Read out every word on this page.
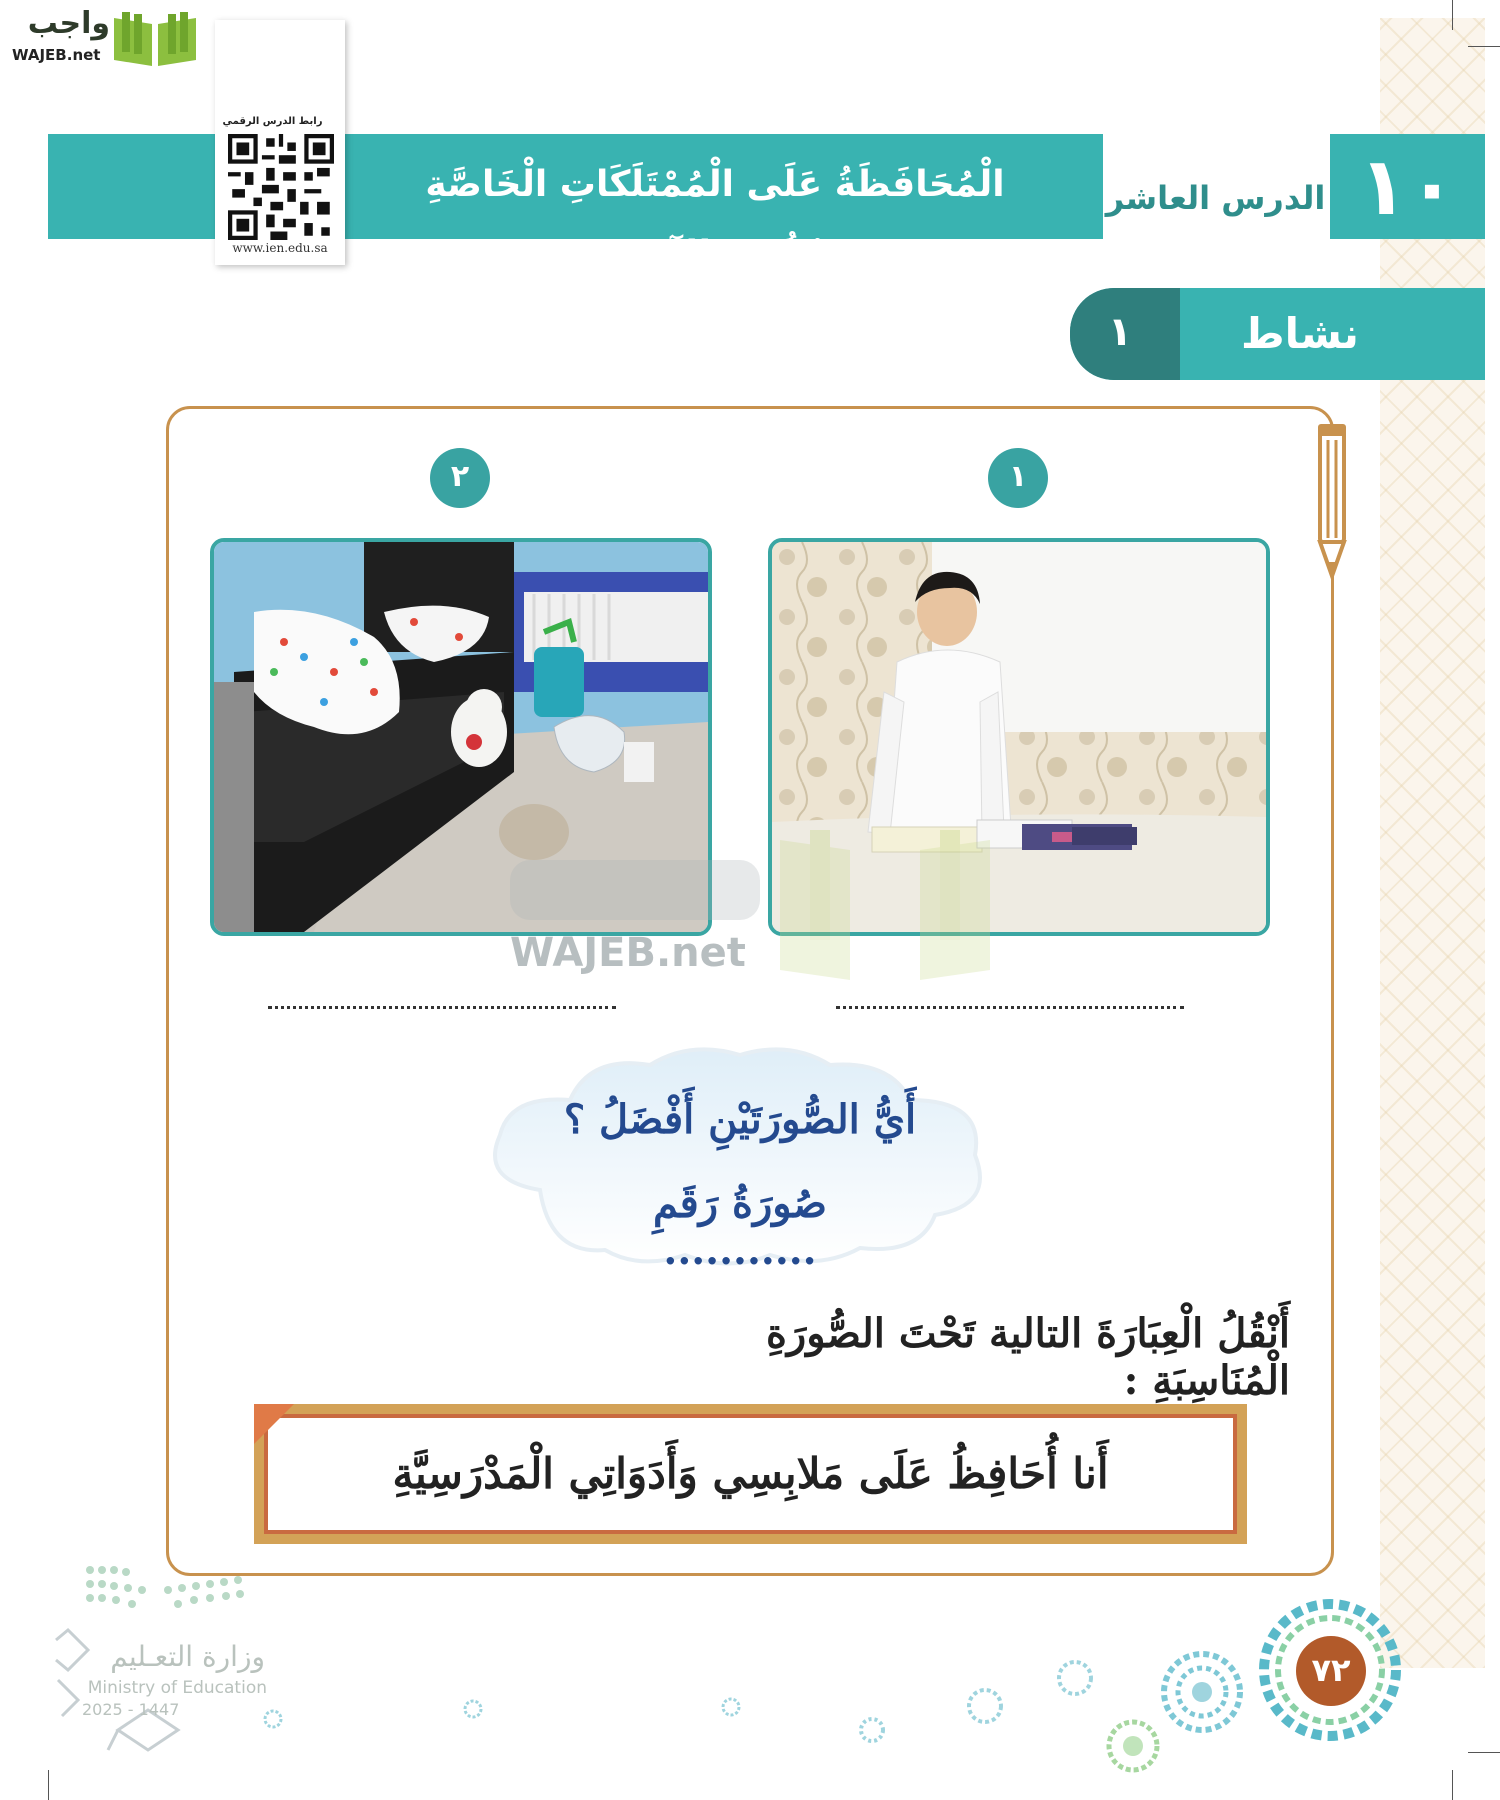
واجب
WAJEB.net
الْمُحَافَظَةُ عَلَى الْمُمْتَلَكَاتِ الْخَاصَّةِ وَحُقُوقِ الآخَرِينَ
الدرس العاشر ١٠
رابط الدرس الرقمي
www.ien.edu.sa
١	نشاط
١
٢
WAJEB.net
أَيُّ الصُّورَتَيْنِ أَفْضَلُ ؟
صُورَةُ رَقَمِ ...........
أَنْقُلُ الْعِبَارَةَ التالية تَحْتَ الصُّورَةِ الْمُنَاسِبَةِ :
أَنا أُحَافِظُ عَلَى مَلابِسِي وَأَدَوَاتِي الْمَدْرَسِيَّةِ
وزارة التعـليم
Ministry of Education
2025 - 1447
٧٢
